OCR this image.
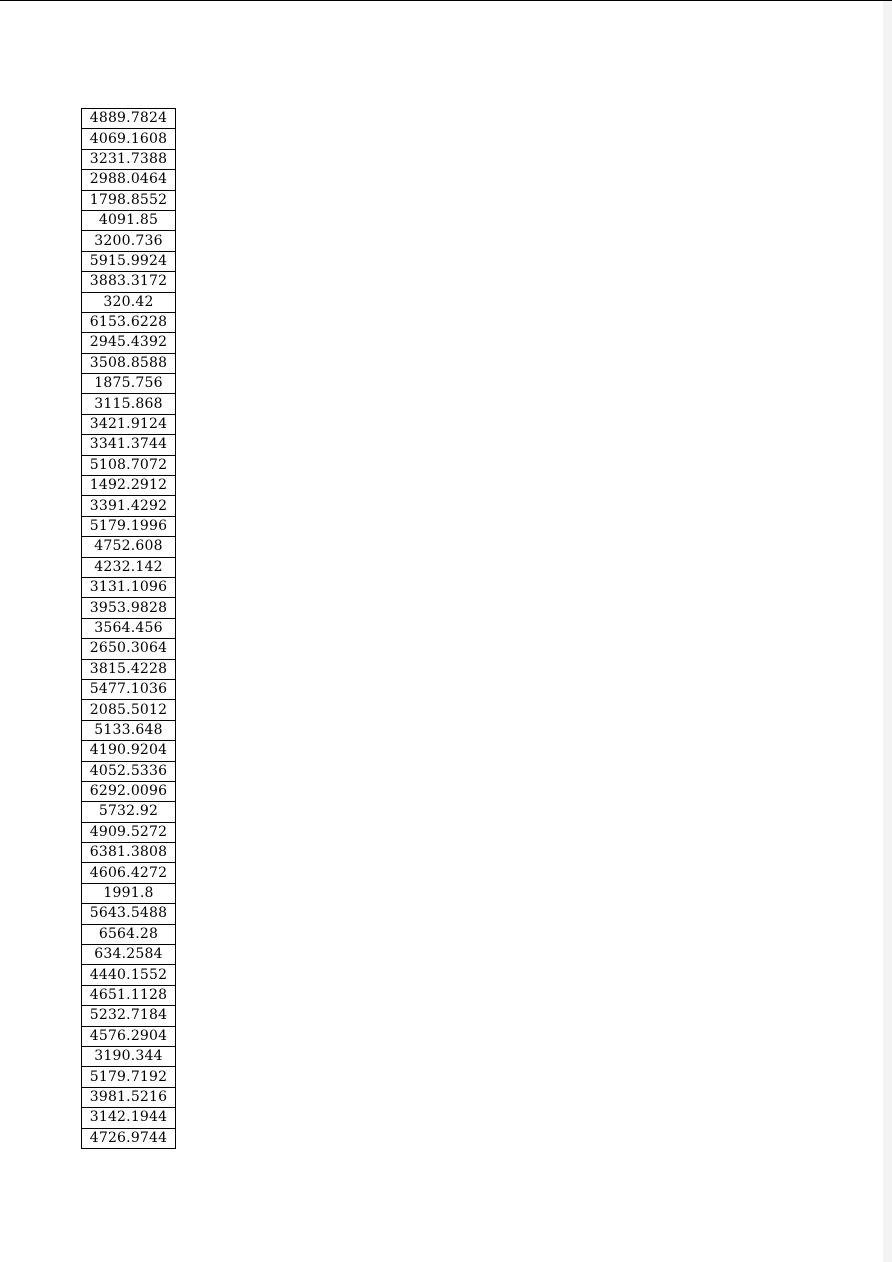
4889.7824
4069.1608
3231.7388
2988.0464
1798.8552
4091.85
3200.736
5915.9924
3883.3172
320.42
6153.6228
2945.4392
3508.8588
1875.756
3115.868
3421.9124
3341.3744
5108.7072
1492.2912
3391.4292
5179.1996
4752.608
4232.142
3131.1096
3953.9828
3564.456
2650.3064
3815.4228
5477.1036
2085.5012
5133.648
4190.9204
4052.5336
6292.0096
5732.92
4909.5272
6381.3808
4606.4272
1991.8
5643.5488
6564.28
634.2584
4440.1552
4651.1128
5232.7184
4576.2904
3190.344
5179.7192
3981.5216
3142.1944
4726.9744
